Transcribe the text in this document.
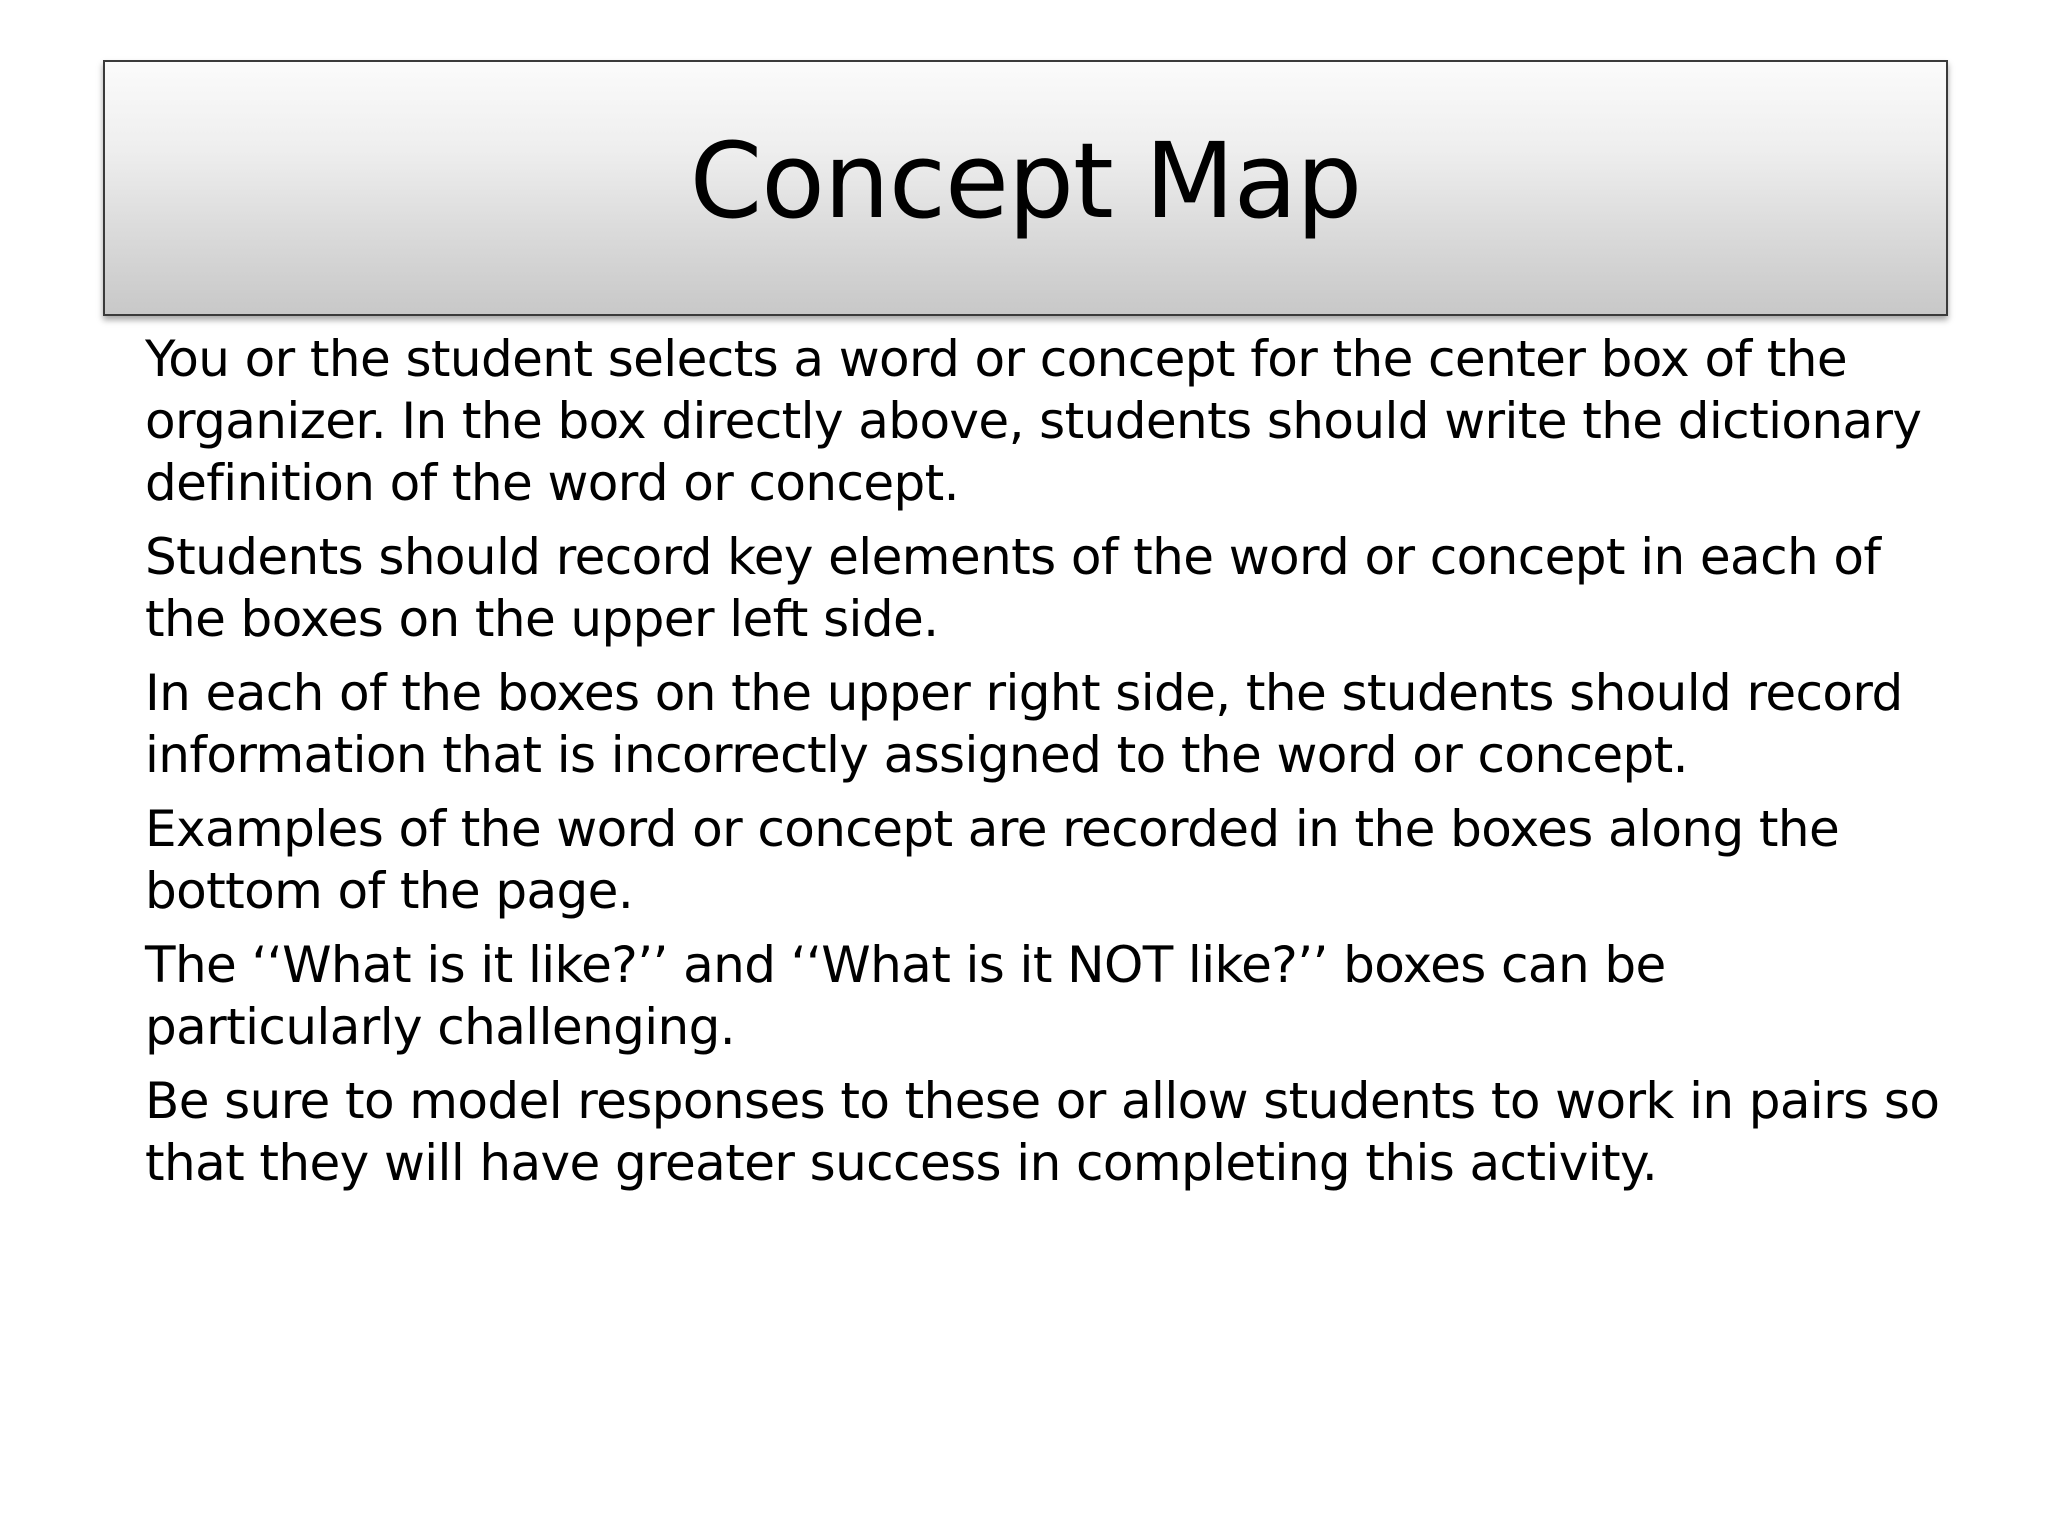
Concept Map
You or the student selects a word or concept for the center box of the organizer. In the box directly above, students should write the dictionary definition of the word or concept.
Students should record key elements of the word or concept in each of the boxes on the upper left side.
In each of the boxes on the upper right side, the students should record information that is incorrectly assigned to the word or concept.
Examples of the word or concept are recorded in the boxes along the bottom of the page.
The ‘‘What is it like?’’ and ‘‘What is it NOT like?’’ boxes can be particularly challenging.
Be sure to model responses to these or allow students to work in pairs so that they will have greater success in completing this activity.
